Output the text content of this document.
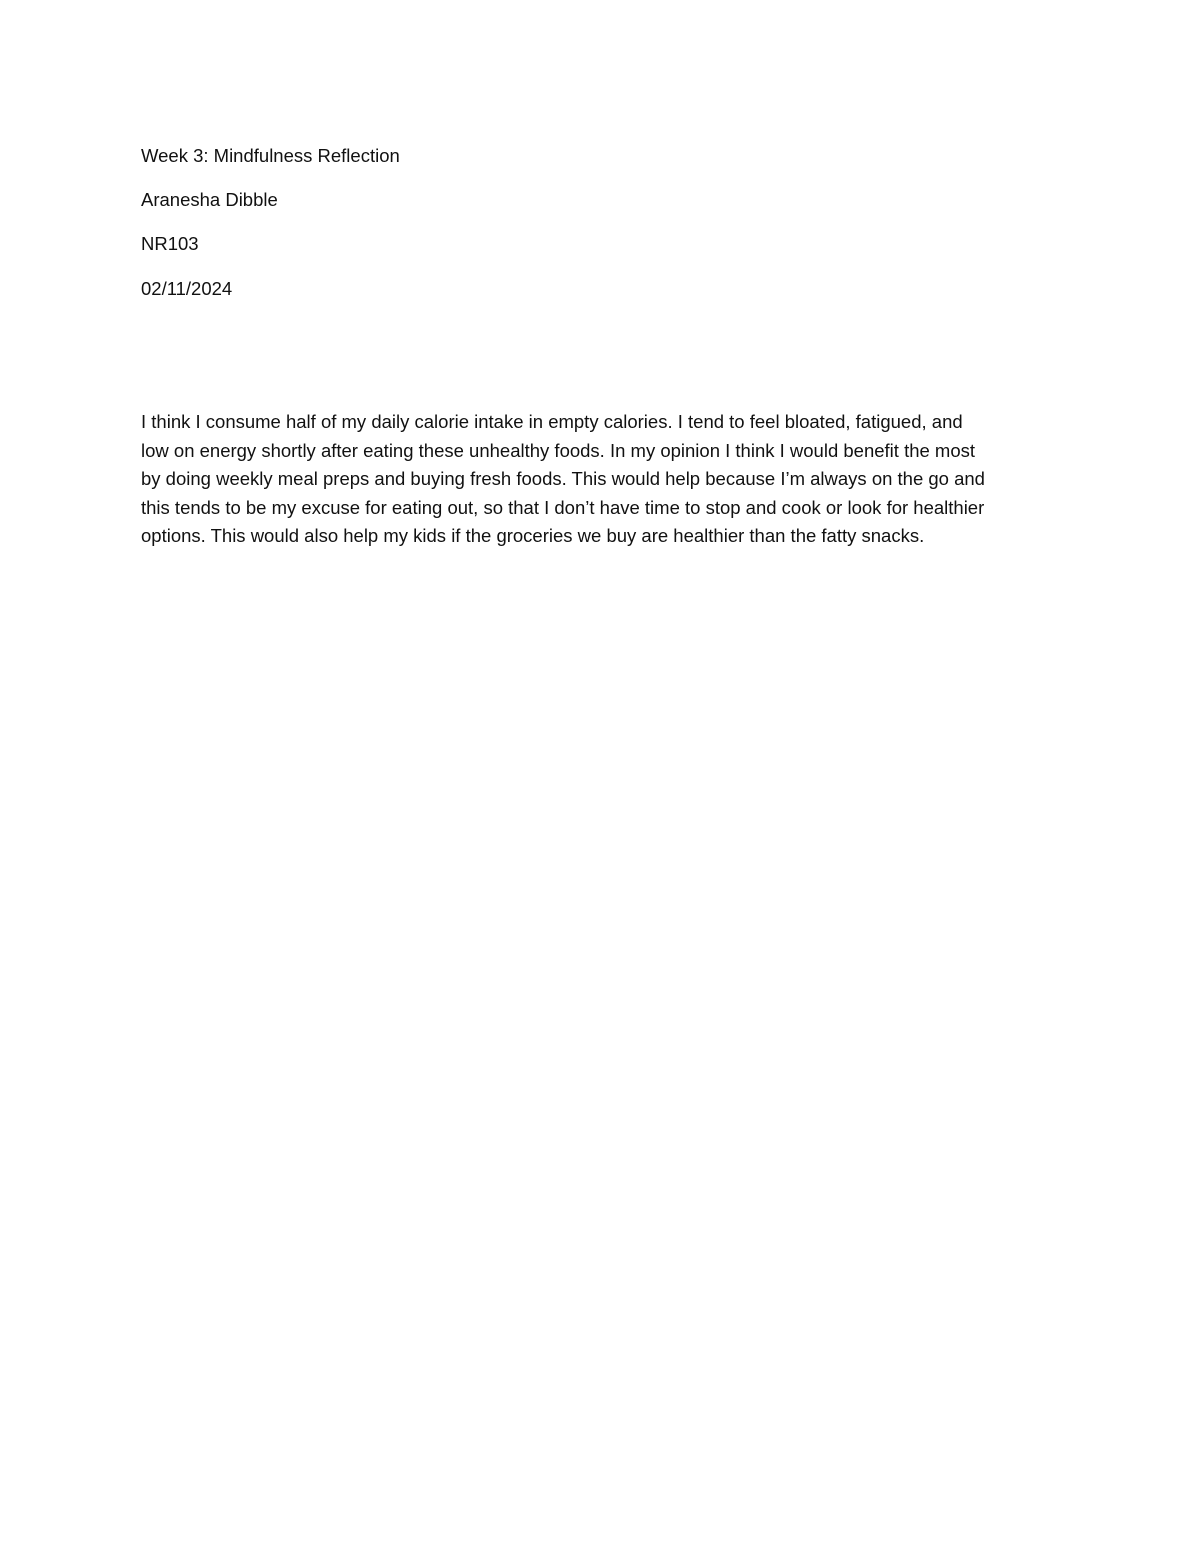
Week 3: Mindfulness Reflection
Aranesha Dibble
NR103
02/11/2024
I think I consume half of my daily calorie intake in empty calories. I tend to feel bloated, fatigued, and
low on energy shortly after eating these unhealthy foods. In my opinion I think I would benefit the most
by doing weekly meal preps and buying fresh foods. This would help because I’m always on the go and
this tends to be my excuse for eating out, so that I don’t have time to stop and cook or look for healthier
options. This would also help my kids if the groceries we buy are healthier than the fatty snacks.
